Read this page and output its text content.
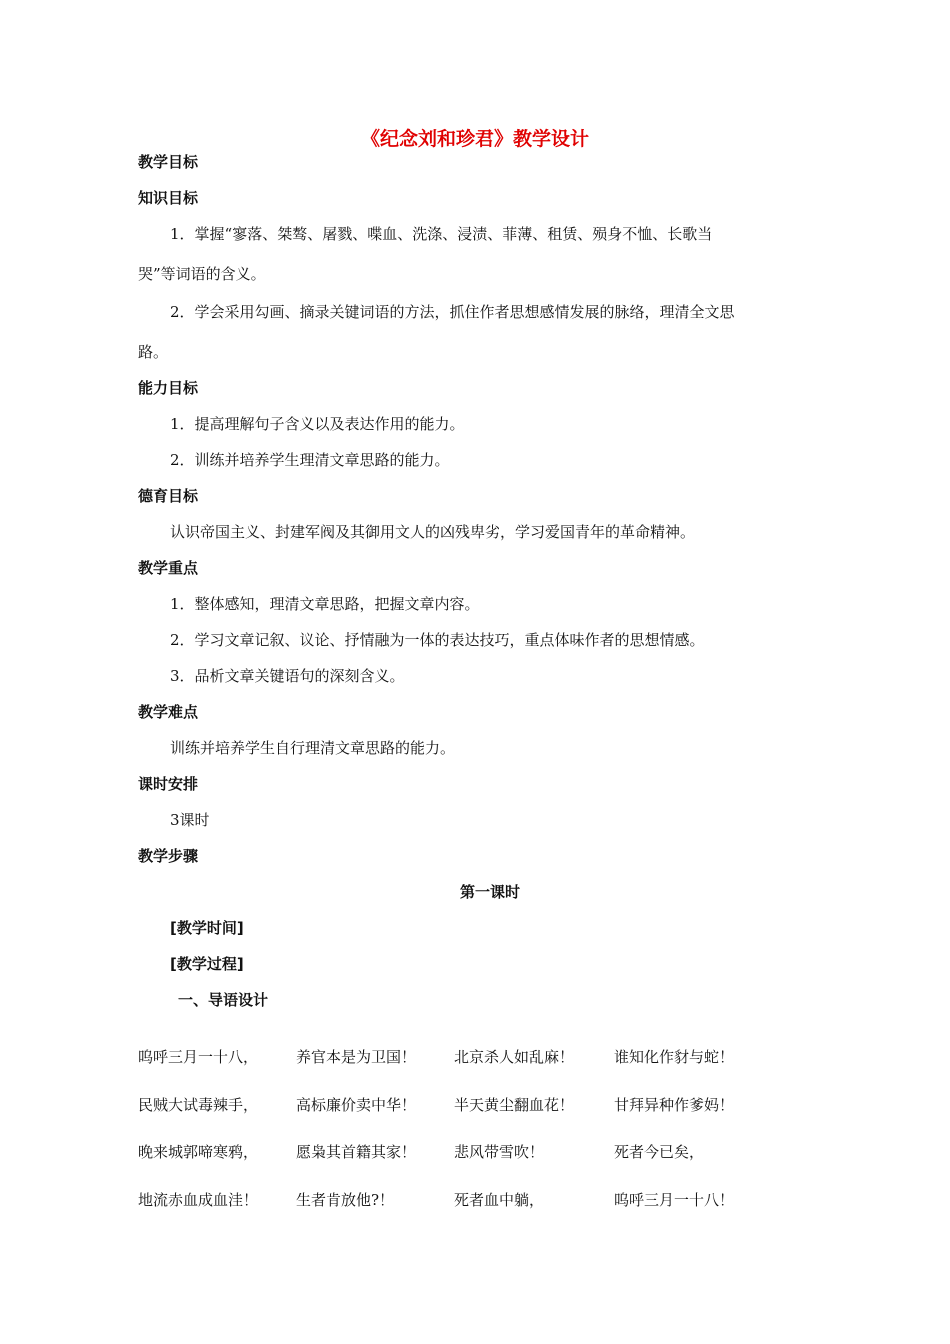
《纪念刘和珍君》教学设计
教学目标
知识目标
1．掌握“寥落、桀骜、屠戮、喋血、洗涤、浸渍、菲薄、租赁、殒身不恤、长歌当
哭”等词语的含义。
2．学会采用勾画、摘录关键词语的方法，抓住作者思想感情发展的脉络，理清全文思
路。
能力目标
1．提高理解句子含义以及表达作用的能力。
2．训练并培养学生理清文章思路的能力。
德育目标
认识帝国主义、封建军阀及其御用文人的凶残卑劣，学习爱国青年的革命精神。
教学重点
1．整体感知，理清文章思路，把握文章内容。
2．学习文章记叙、议论、抒情融为一体的表达技巧，重点体味作者的思想情感。
3．品析文章关键语句的深刻含义。
教学难点
训练并培养学生自行理清文章思路的能力。
课时安排
3课时
教学步骤
第一课时
[教学时间]
[教学过程]
一、导语设计
呜呼三月一十八，	养官本是为卫国！	北京杀人如乱麻！	谁知化作豺与蛇！
民贼大试毒辣手，	高标廉价卖中华！	半天黄尘翻血花！	甘拜异种作爹妈！
晚来城郭啼寒鸦，	愿枭其首籍其家！	悲风带雪吹！	死者今已矣，
地流赤血成血洼！	生者肯放他?！	死者血中躺，	呜呼三月一十八！
